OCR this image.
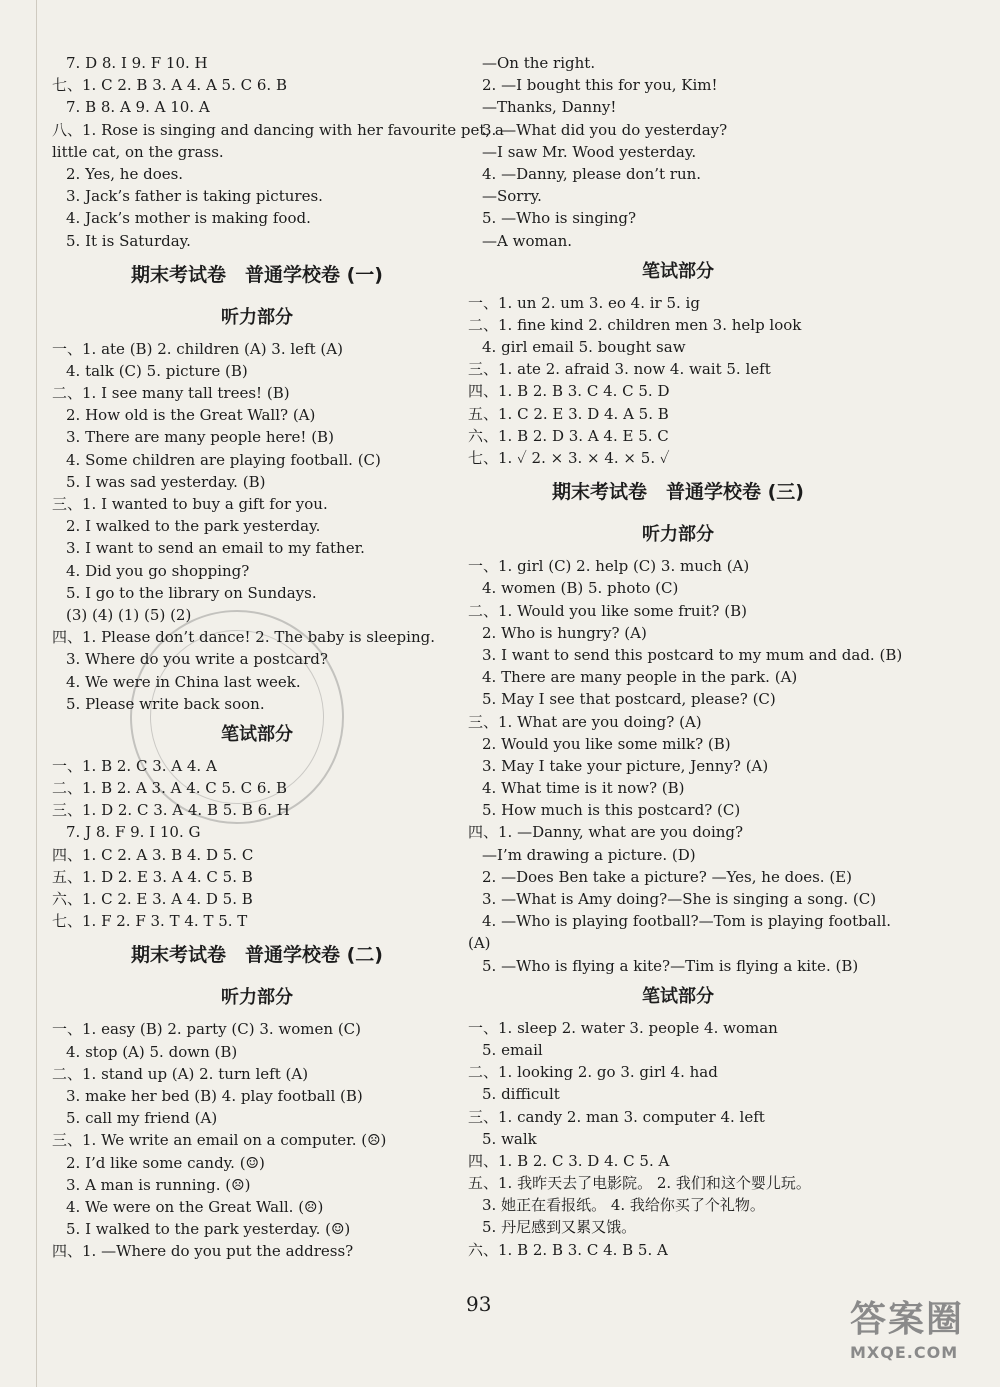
7. D 8. I 9. F 10. H
七、1. C 2. B 3. A 4. A 5. C 6. B
7. B 8. A 9. A 10. A
八、1. Rose is singing and dancing with her favourite pet, a
little cat, on the grass.
2. Yes, he does.
3. Jack’s father is taking pictures.
4. Jack’s mother is making food.
5. It is Saturday.
期末考试卷　普通学校卷 (一)
听力部分
一、1. ate (B) 2. children (A) 3. left (A)
4. talk (C) 5. picture (B)
二、1. I see many tall trees! (B)
2. How old is the Great Wall? (A)
3. There are many people here! (B)
4. Some children are playing football. (C)
5. I was sad yesterday. (B)
三、1. I wanted to buy a gift for you.
2. I walked to the park yesterday.
3. I want to send an email to my father.
4. Did you go shopping?
5. I go to the library on Sundays.
(3) (4) (1) (5) (2)
四、1. Please don’t dance! 2. The baby is sleeping.
3. Where do you write a postcard?
4. We were in China last week.
5. Please write back soon.
笔试部分
一、1. B 2. C 3. A 4. A
二、1. B 2. A 3. A 4. C 5. C 6. B
三、1. D 2. C 3. A 4. B 5. B 6. H
7. J 8. F 9. I 10. G
四、1. C 2. A 3. B 4. D 5. C
五、1. D 2. E 3. A 4. C 5. B
六、1. C 2. E 3. A 4. D 5. B
七、1. F 2. F 3. T 4. T 5. T
期末考试卷　普通学校卷 (二)
听力部分
一、1. easy (B) 2. party (C) 3. women (C)
4. stop (A) 5. down (B)
二、1. stand up (A) 2. turn left (A)
3. make her bed (B) 4. play football (B)
5. call my friend (A)
三、1. We write an email on a computer. (☹)
2. I’d like some candy. (☺)
3. A man is running. (☹)
4. We were on the Great Wall. (☹)
5. I walked to the park yesterday. (☺)
四、1. —Where do you put the address?
—On the right.
2. —I bought this for you, Kim!
—Thanks, Danny!
3. —What did you do yesterday?
—I saw Mr. Wood yesterday.
4. —Danny, please don’t run.
—Sorry.
5. —Who is singing?
—A woman.
笔试部分
一、1. un 2. um 3. eo 4. ir 5. ig
二、1. fine kind 2. children men 3. help look
4. girl email 5. bought saw
三、1. ate 2. afraid 3. now 4. wait 5. left
四、1. B 2. B 3. C 4. C 5. D
五、1. C 2. E 3. D 4. A 5. B
六、1. B 2. D 3. A 4. E 5. C
七、1. ✓ 2. × 3. × 4. × 5. ✓
期末考试卷　普通学校卷 (三)
听力部分
一、1. girl (C) 2. help (C) 3. much (A)
4. women (B) 5. photo (C)
二、1. Would you like some fruit? (B)
2. Who is hungry? (A)
3. I want to send this postcard to my mum and dad. (B)
4. There are many people in the park. (A)
5. May I see that postcard, please? (C)
三、1. What are you doing? (A)
2. Would you like some milk? (B)
3. May I take your picture, Jenny? (A)
4. What time is it now? (B)
5. How much is this postcard? (C)
四、1. —Danny, what are you doing?
—I’m drawing a picture. (D)
2. —Does Ben take a picture? —Yes, he does. (E)
3. —What is Amy doing?—She is singing a song. (C)
4. —Who is playing football?—Tom is playing football.
(A)
5. —Who is flying a kite?—Tim is flying a kite. (B)
笔试部分
一、1. sleep 2. water 3. people 4. woman
5. email
二、1. looking 2. go 3. girl 4. had
5. difficult
三、1. candy 2. man 3. computer 4. left
5. walk
四、1. B 2. C 3. D 4. C 5. A
五、1. 我昨天去了电影院。 2. 我们和这个婴儿玩。
3. 她正在看报纸。 4. 我给你买了个礼物。
5. 丹尼感到又累又饿。
六、1. B 2. B 3. C 4. B 5. A
93	答案圈
MXQE.COM
